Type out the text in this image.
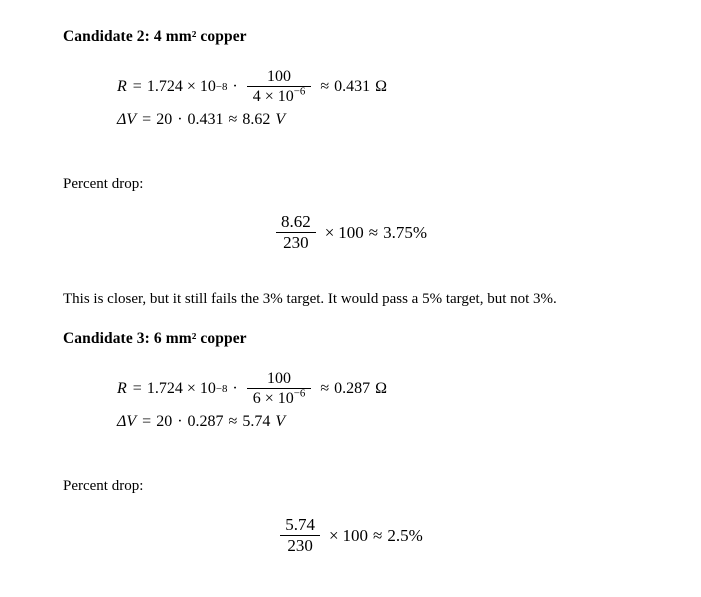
Candidate 2: 4 mm² copper
$R = 1.724 \times 10 -8 \cdot \frac{100}{4 \times 10^{-6}} \approx 0.431$ Ω
ΔV = 20 · 0.431 ≈ 8.62 V
Percent drop:
$\frac{8.62}{230} \times 100 \approx 3.75\%$
This is closer, but it still fails the 3% target. It would pass a 5% target, but not 3%.
Candidate 3: 6 mm² copper
$R = 1.724 \times 10 -8 \cdot \frac{100}{6 \times 10^{-6}} \approx 0.287$ Ω
ΔV = 20 · 0.287 ≈ 5.74 V
Percent drop:
$\frac{5.74}{230} \times 100 \approx 2.5\%$
